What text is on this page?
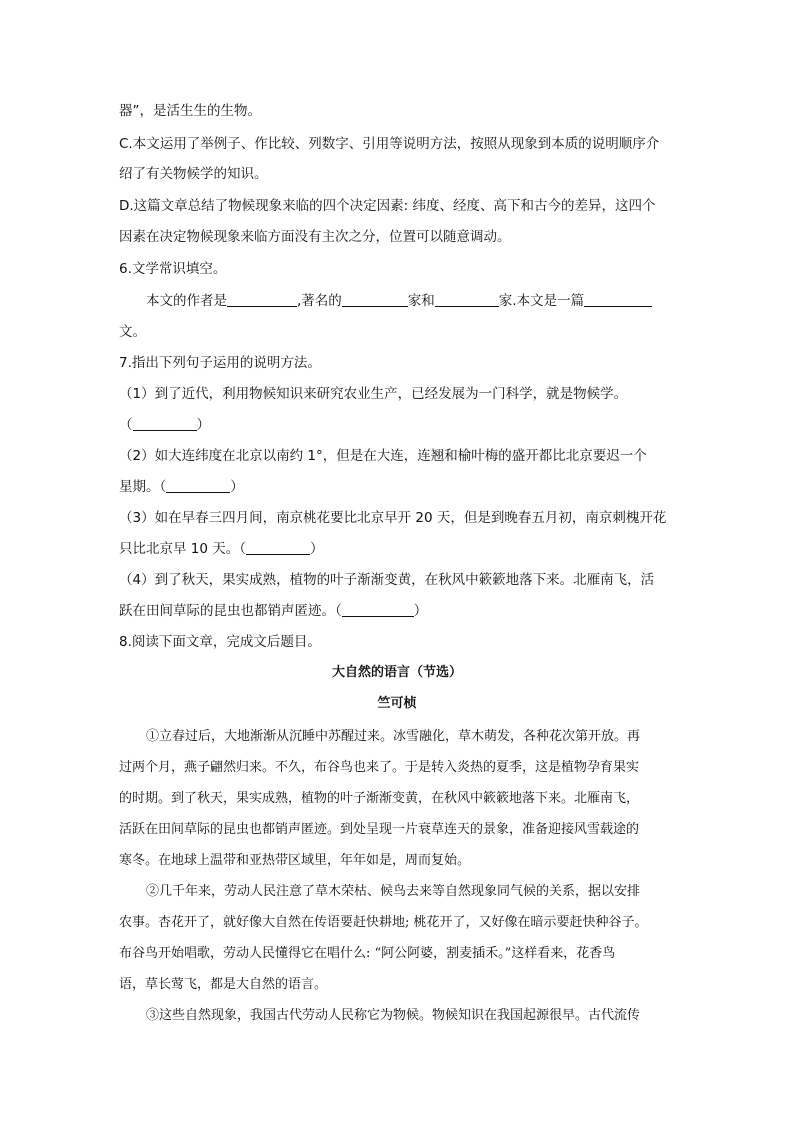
器”，是活生生的生物。
C.本文运用了举例子、作比较、列数字、引用等说明方法，按照从现象到本质的说明顺序介
绍了有关物候学的知识。
D.这篇文章总结了物候现象来临的四个决定因素: 纬度、经度、高下和古今的差异，这四个
因素在决定物候现象来临方面没有主次之分，位置可以随意调动。
6.文学常识填空。
本文的作者是	,著名的	家和	家.本文是一篇
文。
7.指出下列句子运用的说明方法。
（1）到了近代，利用物候知识来研究农业生产，已经发展为一门科学，就是物候学。
（	）
（2）如大连纬度在北京以南约 1°，但是在大连，连翘和榆叶梅的盛开都比北京要迟一个
星期。（	）
（3）如在早春三四月间，南京桃花要比北京早开 20 天，但是到晚春五月初，南京刺槐开花
只比北京早 10 天。（	）
（4）到了秋天，果实成熟，植物的叶子渐渐变黄，在秋风中簌簌地落下来。北雁南飞，活
跃在田间草际的昆虫也都销声匿迹。（	）
8.阅读下面文章，完成文后题目。
大自然的语言（节选）
竺可桢
①立春过后，大地渐渐从沉睡中苏醒过来。冰雪融化，草木萌发，各种花次第开放。再
过两个月，燕子翩然归来。不久，布谷鸟也来了。于是转入炎热的夏季，这是植物孕育果实
的时期。到了秋天，果实成熟，植物的叶子渐渐变黄，在秋风中簌簌地落下来。北雁南飞，
活跃在田间草际的昆虫也都销声匿迹。到处呈现一片衰草连天的景象，准备迎接风雪载途的
寒冬。在地球上温带和亚热带区域里，年年如是，周而复始。
②几千年来，劳动人民注意了草木荣枯、候鸟去来等自然现象同气候的关系，据以安排
农事。杏花开了，就好像大自然在传语要赶快耕地; 桃花开了，又好像在暗示要赶快种谷子。
布谷鸟开始唱歌，劳动人民懂得它在唱什么: “阿公阿婆，割麦插禾。”这样看来，花香鸟
语，草长莺飞，都是大自然的语言。
③这些自然现象，我国古代劳动人民称它为物候。物候知识在我国起源很早。古代流传
